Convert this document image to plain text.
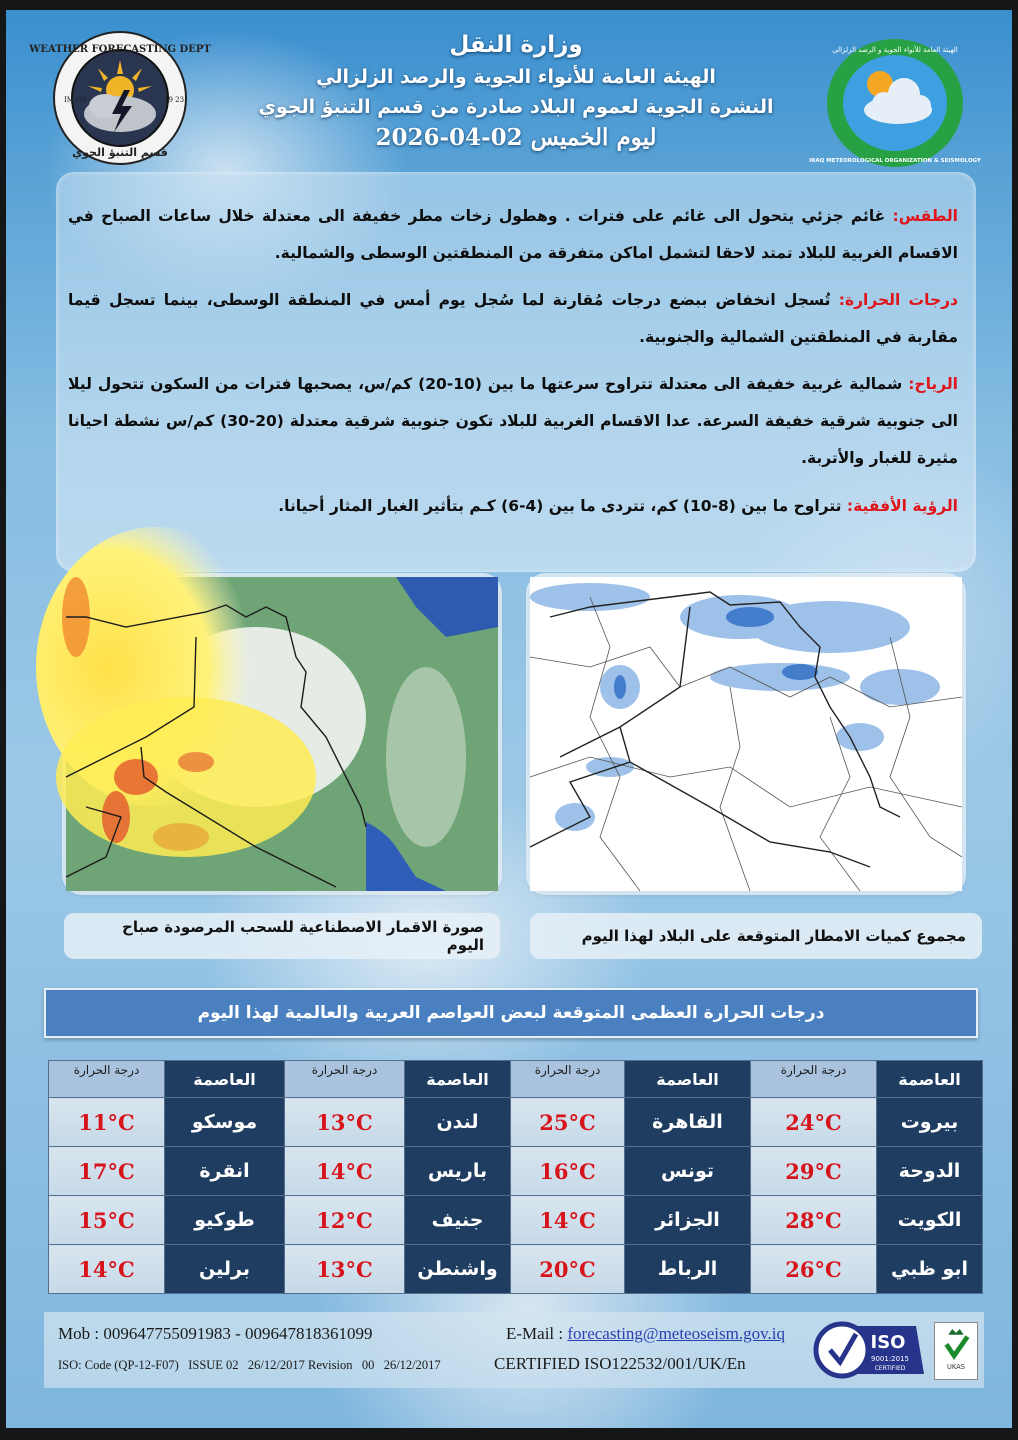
WEATHER FORECASTING DEPT
قسم التنبؤ الجوي
IM OS	19 23
وزارة النقل
الهيئة العامة للأنواء الجوية والرصد الزلزالي
النشرة الجوية لعموم البلاد صادرة من قسم التنبؤ الجوي
ليوم الخميس 02-04-2026
الهيئة العامة للأنواء الجوية و الرصد الزلزالي
IRAQ METEOROLOGICAL ORGANIZATION & SEISMOLOGY
الطقس: غائم جزئي يتحول الى غائم على فترات . وهطول زخات مطر خفيفة الى معتدلة خلال ساعات الصباح في الاقسام الغربية للبلاد تمتد لاحقا لتشمل اماكن متفرقة من المنطقتين الوسطى والشمالية.
درجات الحرارة: تُسجل انخفاض ببضع درجات مُقارنة لما سُجل يوم أمس في المنطقة الوسطى، بينما تسجل قيما مقاربة في المنطقتين الشمالية والجنوبية.
الرياح: شمالية غربية خفيفة الى معتدلة تتراوح سرعتها ما بين (10-20) كم/س، يصحبها فترات من السكون تتحول ليلا الى جنوبية شرقية خفيفة السرعة. عدا الاقسام الغربية للبلاد تكون جنوبية شرقية معتدلة (20-30) كم/س نشطة احيانا مثيرة للغبار والأتربة.
الرؤية الأفقية: تتراوح ما بين (8-10) كم، تتردى ما بين (4-6) كـم بتأثير الغبار المثار أحيانا.
صورة الاقمار الاصطناعية للسحب المرصودة صباح اليوم	مجموع كميات الامطار المتوقعة على البلاد لهذا اليوم
درجات الحرارة العظمى المتوقعة لبعض العواصم العربية والعالمية لهذا اليوم
العاصمة	درجة الحرارة	العاصمة	درجة الحرارة	العاصمة	درجة الحرارة	العاصمة	درجة الحرارة
بيروت	24°C	القاهرة	25°C	لندن	13°C	موسكو	11°C
الدوحة	29°C	تونس	16°C	باريس	14°C	انقرة	17°C
الكويت	28°C	الجزائر	14°C	جنيف	12°C	طوكيو	15°C
ابو ظبي	26°C	الرباط	20°C	واشنطن	13°C	برلين	14°C
Mob : 009647755091983 - 009647818361099
ISO: Code (QP-12-F07)   ISSUE 02   26/12/2017 Revision   00   26/12/2017
E-Mail : forecasting@meteoseism.gov.iq
CERTIFIED ISO122532/001/UK/En
ISO
9001:2015
CERTIFIED	UKAS
